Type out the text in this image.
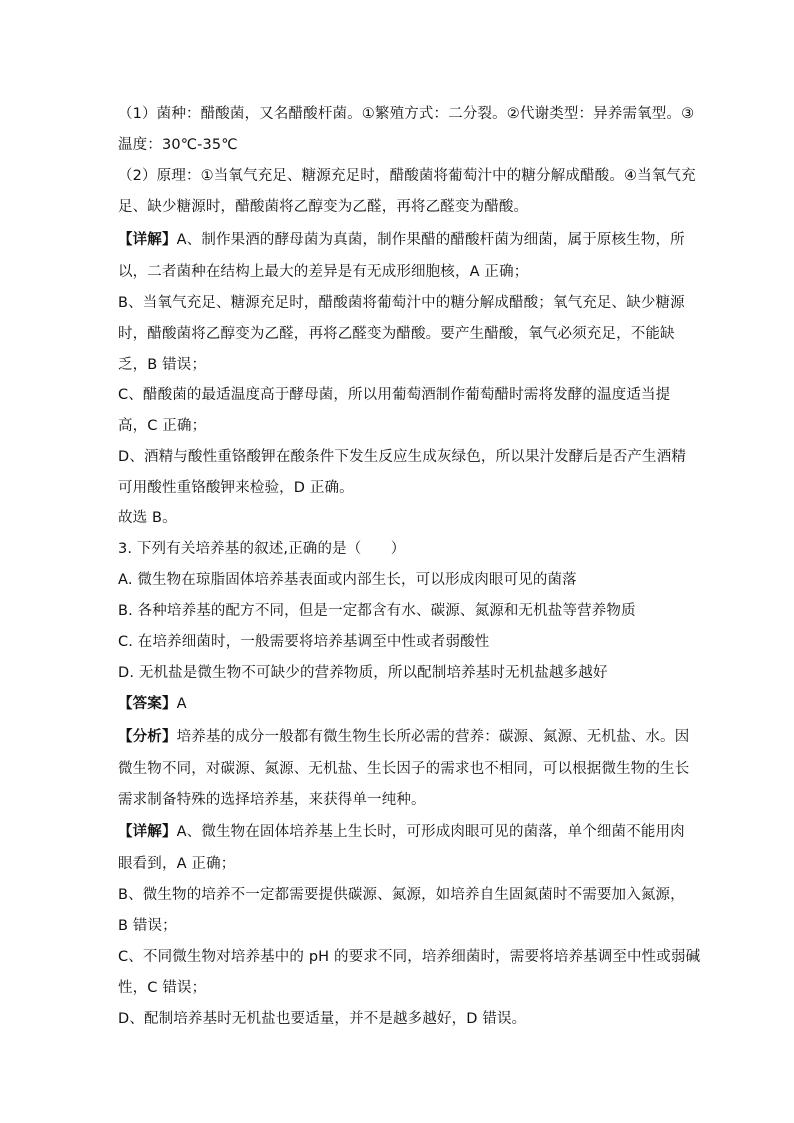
（1）菌种：醋酸菌，又名醋酸杆菌。①繁殖方式：二分裂。②代谢类型：异养需氧型。③
温度：30℃-35℃
（2）原理：①当氧气充足、糖源充足时，醋酸菌将葡萄汁中的糖分解成醋酸。④当氧气充
足、缺少糖源时，醋酸菌将乙醇变为乙醛，再将乙醛变为醋酸。
【详解】A、制作果酒的酵母菌为真菌，制作果醋的醋酸杆菌为细菌，属于原核生物，所
以，二者菌种在结构上最大的差异是有无成形细胞核，A 正确；
B、当氧气充足、糖源充足时，醋酸菌将葡萄汁中的糖分解成醋酸；氧气充足、缺少糖源
时，醋酸菌将乙醇变为乙醛，再将乙醛变为醋酸。要产生醋酸，氧气必须充足，不能缺
乏，B 错误；
C、醋酸菌的最适温度高于酵母菌，所以用葡萄酒制作葡萄醋时需将发酵的温度适当提
高，C 正确；
D、酒精与酸性重铬酸钾在酸条件下发生反应生成灰绿色，所以果汁发酵后是否产生酒精
可用酸性重铬酸钾来检验，D 正确。
故选 B。
3. 下列有关培养基的叙述,正确的是（　　）
A. 微生物在琼脂固体培养基表面或内部生长，可以形成肉眼可见的菌落
B. 各种培养基的配方不同，但是一定都含有水、碳源、氮源和无机盐等营养物质
C. 在培养细菌时，一般需要将培养基调至中性或者弱酸性
D. 无机盐是微生物不可缺少的营养物质，所以配制培养基时无机盐越多越好
【答案】A
【分析】培养基的成分一般都有微生物生长所必需的营养：碳源、氮源、无机盐、水。因
微生物不同，对碳源、氮源、无机盐、生长因子的需求也不相同，可以根据微生物的生长
需求制备特殊的选择培养基，来获得单一纯种。
【详解】A、微生物在固体培养基上生长时，可形成肉眼可见的菌落，单个细菌不能用肉
眼看到，A 正确；
B、微生物的培养不一定都需要提供碳源、氮源，如培养自生固氮菌时不需要加入氮源，
B 错误；
C、不同微生物对培养基中的 pH 的要求不同，培养细菌时，需要将培养基调至中性或弱碱
性，C 错误；
D、配制培养基时无机盐也要适量，并不是越多越好，D 错误。
